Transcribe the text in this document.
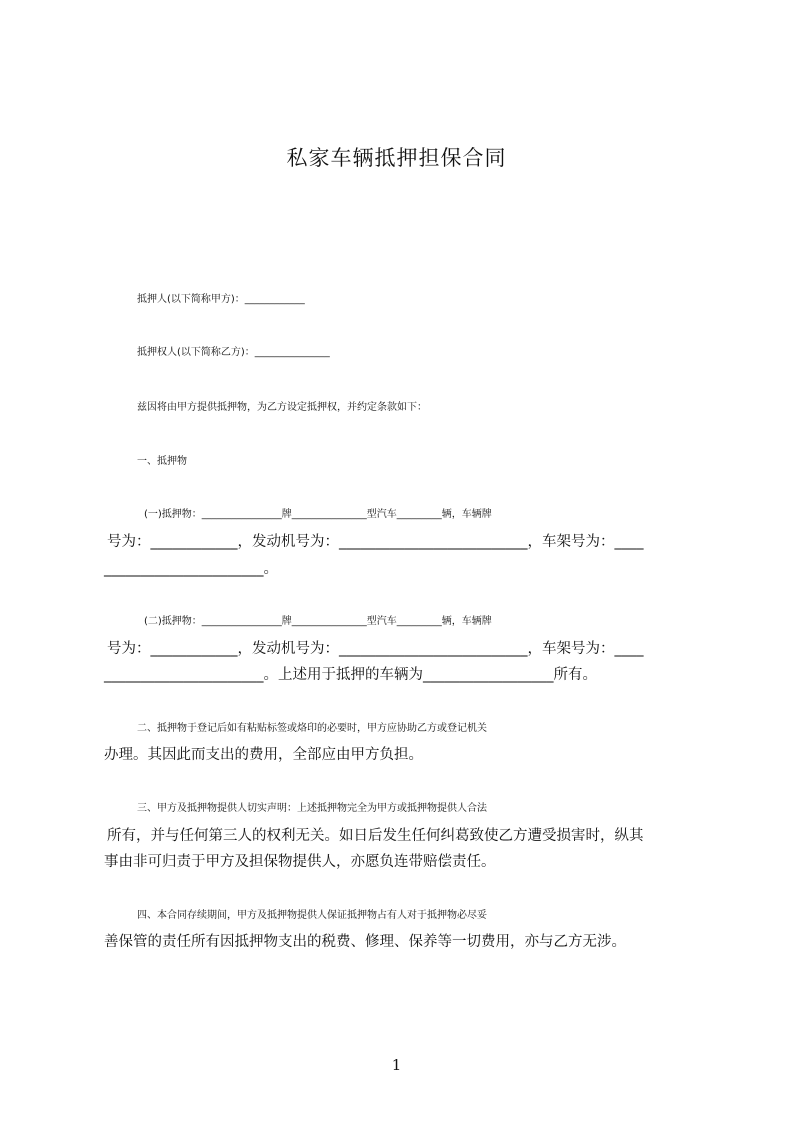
私家车辆抵押担保合同
抵押人(以下简称甲方)：____________
抵押权人(以下简称乙方)：_______________
兹因将由甲方提供抵押物，为乙方设定抵押权，并约定条款如下：
一、抵押物
(一)抵押物：________________牌_______________型汽车_________辆，车辆牌
号为：____________，发动机号为：__________________________，车架号为：____
______________________。
(二)抵押物：________________牌_______________型汽车_________辆，车辆牌
号为：____________，发动机号为：__________________________，车架号为：____
______________________。上述用于抵押的车辆为__________________所有。
二、抵押物于登记后如有粘贴标签或烙印的必要时，甲方应协助乙方或登记机关
办理。其因此而支出的费用，全部应由甲方负担。
三、甲方及抵押物提供人切实声明：上述抵押物完全为甲方或抵押物提供人合法
所有，并与任何第三人的权利无关。如日后发生任何纠葛致使乙方遭受损害时，纵其
事由非可归责于甲方及担保物提供人，亦愿负连带赔偿责任。
四、本合同存续期间，甲方及抵押物提供人保证抵押物占有人对于抵押物必尽妥
善保管的责任所有因抵押物支出的税费、修理、保养等一切费用，亦与乙方无涉。
1
